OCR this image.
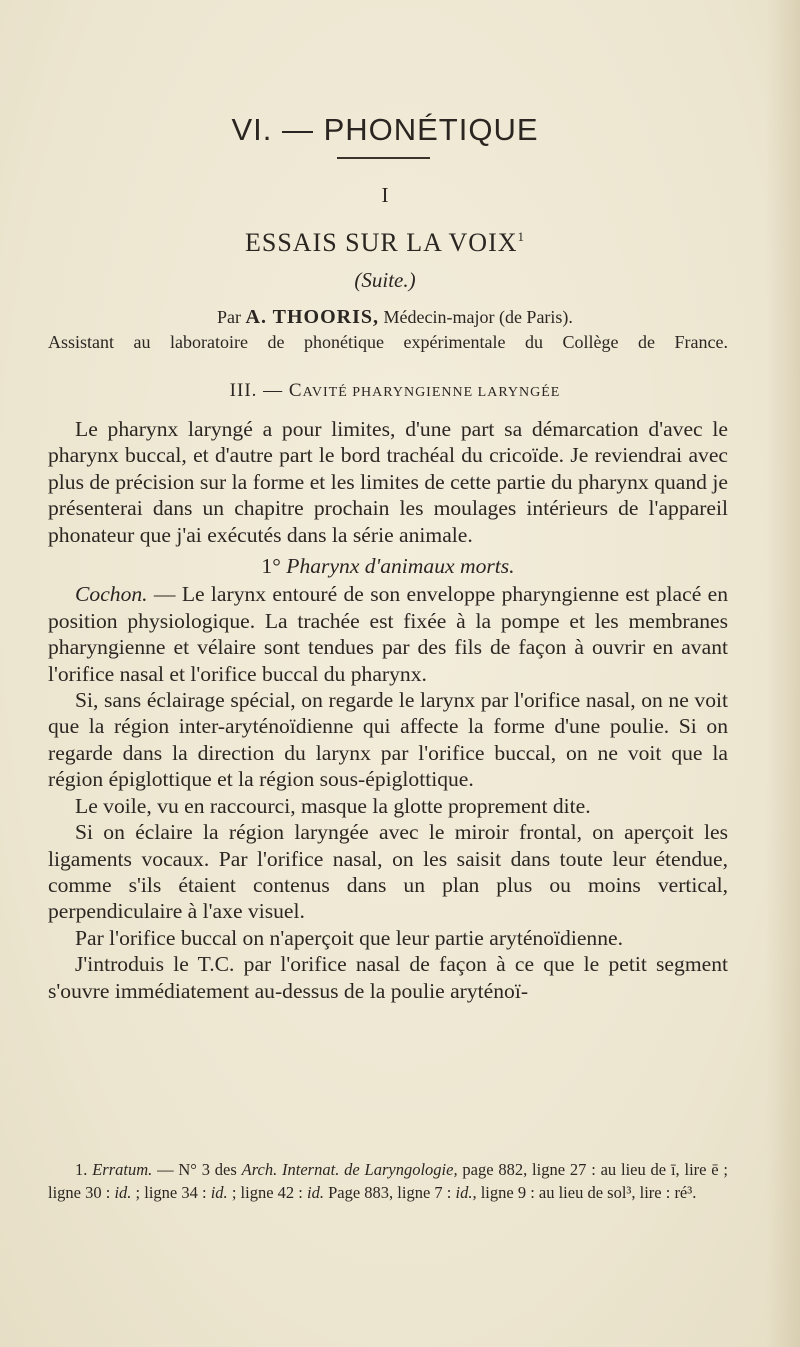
VI. — PHONÉTIQUE
I
ESSAIS SUR LA VOIX$^1$
(Suite.)
Par A. THOORIS, Médecin-major (de Paris).
Assistant au laboratoire de phonétique expérimentale du Collège de France.
III. — CAVITÉ PHARYNGIENNE LARYNGÉE

Le pharynx laryngé a pour limites, d'une part sa démarcation d'avec le pharynx buccal, et d'autre part le bord trachéal du cricoïde. Je reviendrai avec plus de précision sur la forme et les limites de cette partie du pharynx quand je présenterai dans un chapitre prochain les moulages intérieurs de l'appareil phonateur que j'ai exécutés dans la série animale.

1° Pharynx d'animaux morts.

Cochon. — Le larynx entouré de son enveloppe pharyngienne est placé en position physiologique. La trachée est fixée à la pompe et les membranes pharyngienne et vélaire sont tendues par des fils de façon à ouvrir en avant l'orifice nasal et l'orifice buccal du pharynx.

Si, sans éclairage spécial, on regarde le larynx par l'orifice nasal, on ne voit que la région inter-aryténoïdienne qui affecte la forme d'une poulie. Si on regarde dans la direction du larynx par l'orifice buccal, on ne voit que la région épiglottique et la région sous-épiglottique.

Le voile, vu en raccourci, masque la glotte proprement dite.

Si on éclaire la région laryngée avec le miroir frontal, on aperçoit les ligaments vocaux. Par l'orifice nasal, on les saisit dans toute leur étendue, comme s'ils étaient contenus dans un plan plus ou moins vertical, perpendiculaire à l'axe visuel.

Par l'orifice buccal on n'aperçoit que leur partie aryténoïdienne.

J'introduis le T.C. par l'orifice nasal de façon à ce que le petit segment s'ouvre immédiatement au-dessus de la poulie aryténoï-

1. Erratum. — N° 3 des Arch. Internat. de Laryngologie, page 882, ligne 27 : au lieu de ī, lire ē ; ligne 30 : id. ; ligne 34 : id. ; ligne 42 : id. Page 883, ligne 7 : id., ligne 9 : au lieu de sol³, lire : ré³.
